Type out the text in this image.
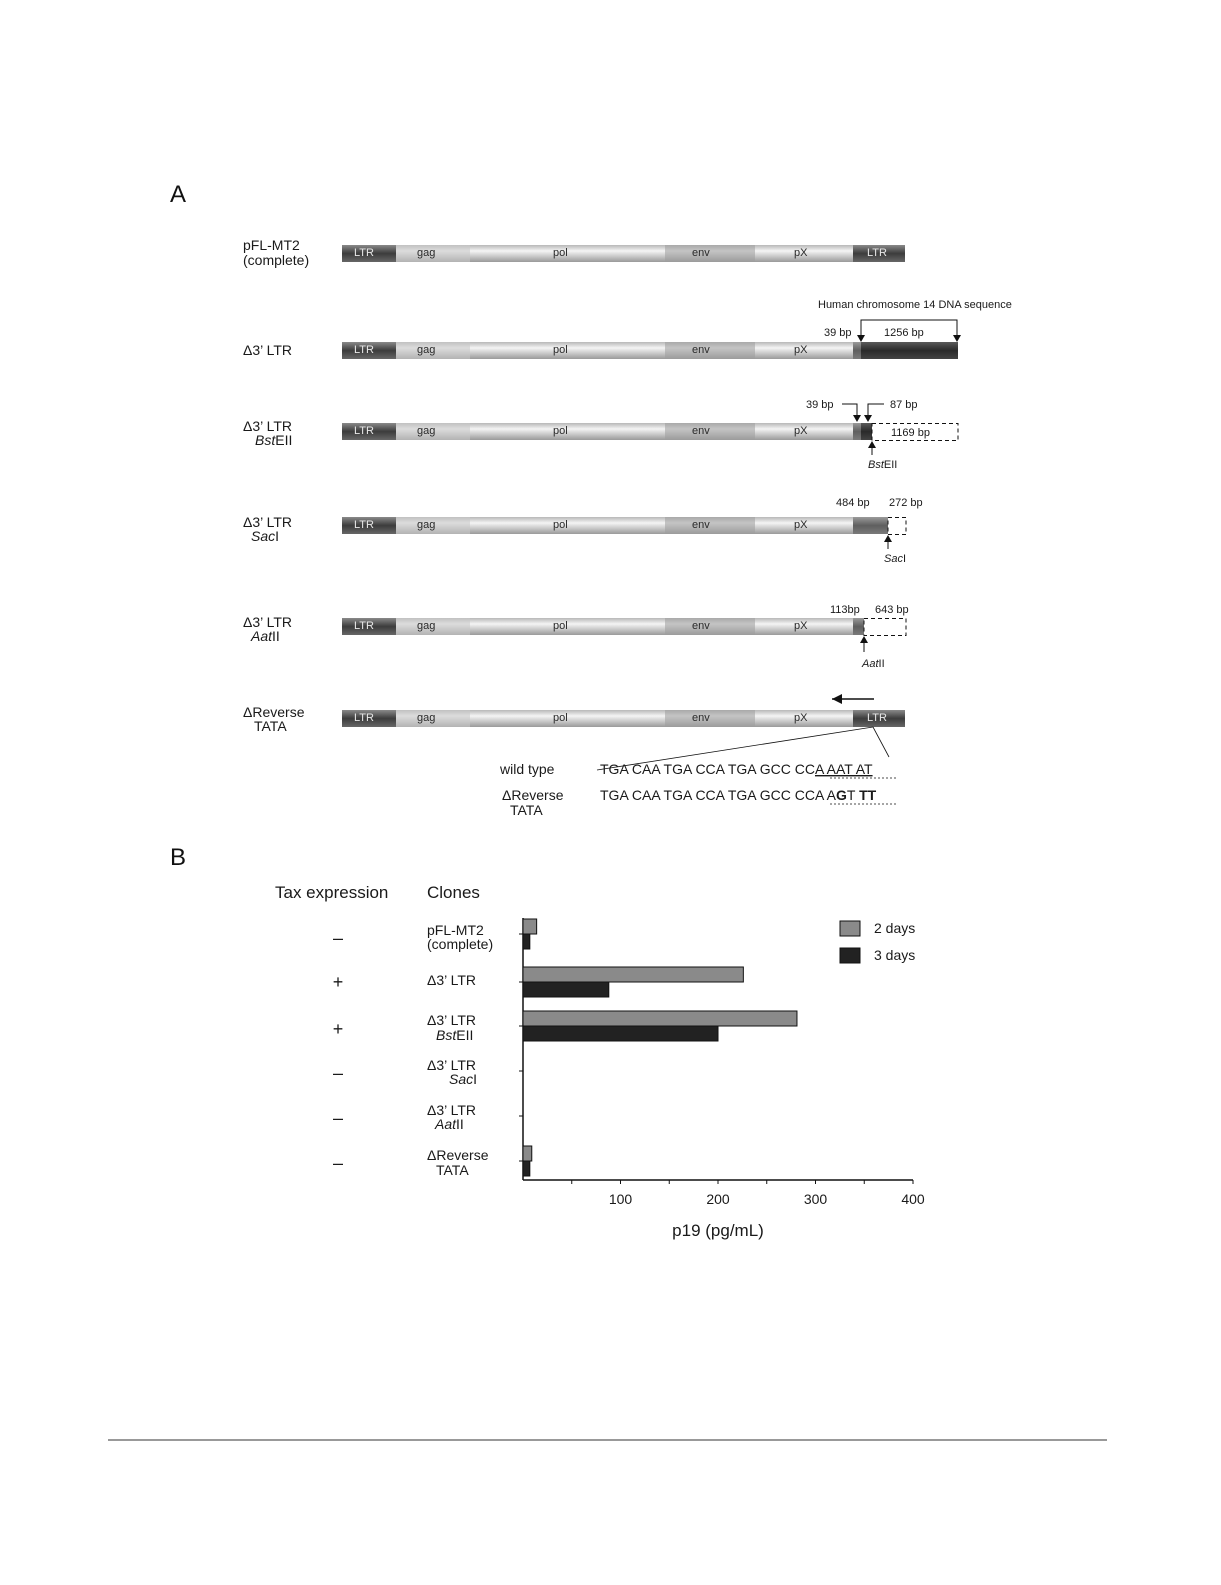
A
pFL-MT2
(complete)
Δ3’ LTR
Δ3’ LTR
BstEII
Δ3’ LTR
SacI
Δ3’ LTR
AatII
ΔReverse
TATA
LTR	gag	pol	env	pX	LTR
LTR	gag	pol	env	pX
Human chromosome 14 DNA sequence
39 bp	1256 bp
LTR	gag	pol	env	pX	1169 bp
39 bp	87 bp
BstEII
LTR	gag	pol	env	pX
484 bp 272 bp
SacI
LTR	gag	pol	env	pX
113bp 643 bp
AatII
LTR	gag	pol	env	pX	LTR
wild type	TGA CAA TGA CCA TGA GCC CCA AAT AT
ΔReverse
TATA
TGA CAA TGA CCA TGA GCC CCA AGT TT
B
Tax expression Clones
–	pFL-MT2
(complete)
+	Δ3’ LTR
+	Δ3’ LTR
BstEII
–	Δ3’ LTR
SacI
–	Δ3’ LTR
AatII
–	ΔReverse
TATA
100	200	300	400
p19 (pg/mL)
2 days
3 days
